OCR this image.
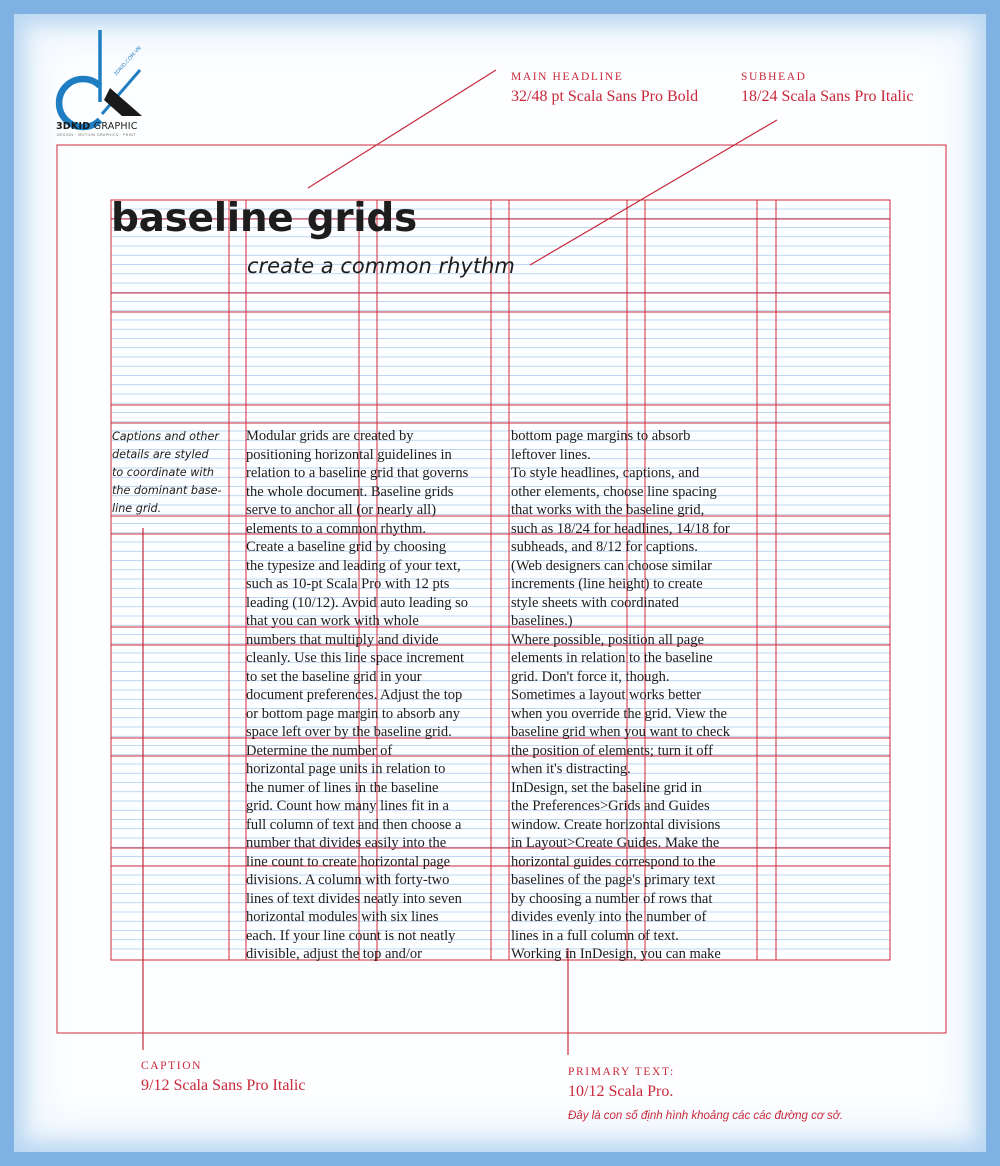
3DKID.COM.VN
3DKID GRAPHIC
DESIGN · MOTION GRAPHICS · PRINT
MAIN HEADLINE
32/48 pt Scala Sans Pro Bold
SUBHEAD
18/24 Scala Sans Pro Italic
CAPTION
9/12 Scala Sans Pro Italic
PRIMARY TEXT:
10/12 Scala Pro.
Đây là con số định hình khoảng các các đường cơ sở.
baseline grids
create a common rhythm
Captions and other
details are styled
to coordinate with
the dominant base-
line grid.
Modular grids are created by
positioning horizontal guidelines in
relation to a baseline grid that governs
the whole document. Baseline grids
serve to anchor all (or nearly all)
elements to a common rhythm.
Create a baseline grid by choosing
the typesize and leading of your text,
such as 10-pt Scala Pro with 12 pts
leading (10/12). Avoid auto leading so
that you can work with whole
numbers that multiply and divide
cleanly. Use this line space increment
to set the baseline grid in your
document preferences. Adjust the top
or bottom page margin to absorb any
space left over by the baseline grid.
Determine the number of
horizontal page units in relation to
the numer of lines in the baseline
grid. Count how many lines fit in a
full column of text and then choose a
number that divides easily into the
line count to create horizontal page
divisions. A column with forty-two
lines of text divides neatly into seven
horizontal modules with six lines
each. If your line count is not neatly
divisible, adjust the top and/or
bottom page margins to absorb
leftover lines.
To style headlines, captions, and
other elements, choose line spacing
that works with the baseline grid,
such as 18/24 for headlines, 14/18 for
subheads, and 8/12 for captions.
(Web designers can choose similar
increments (line height) to create
style sheets with coordinated
baselines.)
Where possible, position all page
elements in relation to the baseline
grid. Don't force it, though.
Sometimes a layout works better
when you override the grid. View the
baseline grid when you want to check
the position of elements; turn it off
when it's distracting.
InDesign, set the baseline grid in
the Preferences>Grids and Guides
window. Create horizontal divisions
in Layout>Create Guides. Make the
horizontal guides correspond to the
baselines of the page's primary text
by choosing a number of rows that
divides evenly into the number of
lines in a full column of text.
Working in InDesign, you can make
